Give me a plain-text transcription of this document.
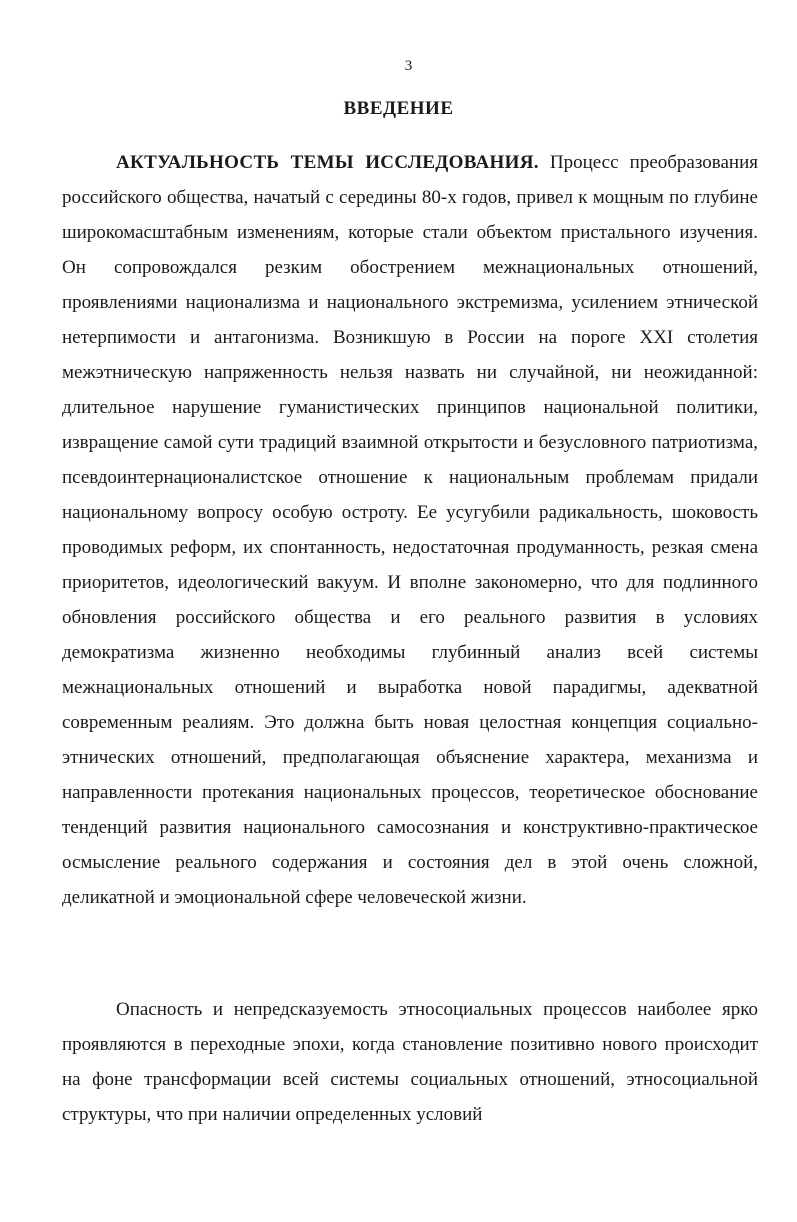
3
ВВЕДЕНИЕ
АКТУАЛЬНОСТЬ ТЕМЫ ИССЛЕДОВАНИЯ. Процесс преобразования российского общества, начатый с середины 80-х годов, привел к мощным по глубине широкомасштабным изменениям, которые стали объектом пристального изучения. Он сопровождался резким обострением межнациональных отношений, проявлениями национализма и национального экстремизма, усилением этнической нетерпимости и антагонизма. Возникшую в России на пороге XXI столетия межэтническую напряженность нельзя назвать ни случайной, ни неожиданной: длительное нарушение гуманистических принципов национальной политики, извращение самой сути традиций взаимной открытости и безусловного патриотизма, псевдоинтернационалистское отношение к национальным проблемам придали национальному вопросу особую остроту. Ее усугубили радикальность, шоковость проводимых реформ, их спонтанность, недостаточная продуманность, резкая смена приоритетов, идеологический вакуум. И вполне закономерно, что для подлинного обновления российского общества и его реального развития в условиях демократизма жизненно необходимы глубинный анализ всей системы межнациональных отношений и выработка новой парадигмы, адекватной современным реалиям. Это должна быть новая целостная концепция социально-этнических отношений, предполагающая объяснение характера, механизма и направленности протекания национальных процессов, теоретическое обоснование тенденций развития национального самосознания и конструктивно-практическое осмысление реального содержания и состояния дел в этой очень сложной, деликатной и эмоциональной сфере человеческой жизни.
Опасность и непредсказуемость этносоциальных процессов наиболее ярко проявляются в переходные эпохи, когда становление позитивно нового происходит на фоне трансформации всей системы социальных отношений, этносоциальной структуры, что при наличии определенных условий
